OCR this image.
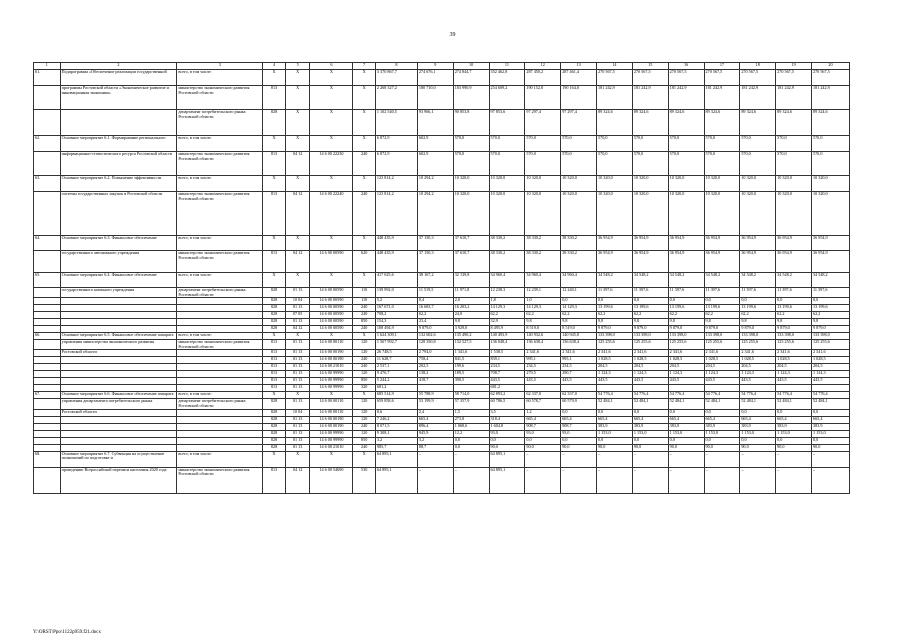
39
1	2	3	4	5	6	7	8	9	10	11	12	13	14	15	16	17	18	19	20
61.	Подпрограмма «Обеспечение реализации государственной	всего, в том числе:	X	X	X	X	3 370 867,7	274 676,1	274 844,7	352 462,8	287 450,2	287 461,4	270 567,5	270 567,5	270 567,5	270 567,5	270 567,5	270 567,5	270 567,5
	программы Ростовской области «Экономическое развитие и инновационная экономика»	министерство экономического развития Ростовской области	813	X	X	X	2 268 327,2	180 710,0	183 990,9	254 609,2	190 152,8	190 164,0	181 242,9	181 242,9	181 242,9	181 242,9	181 242,9	181 242,9	181 242,9
		департамент потребительского рынка Ростовской области	828	X	X	X	1 102 540,5	93 966,1	90 853,8	97 853,6	97 297,4	97 297,4	89 324,6	89 324,6	89 324,6	89 324,6	89 324,6	89 324,6	89 324,6
62.	Основное мероприятие 6.1. Формирование регионального	всего, в том числе:	X	X	X	X	6 872,9	602,9	570,0	570,0	570,0	570,0	570,0	570,0	570,0	570,0	570,0	570,0	570,0
	информационно-статистического ресурса Ростовской области	министерство экономического развития Ростовской области	813	04 12	14 6 00 22230	240	6 872,9	602,9	570,0	570,0	570,0	570,0	570,0	570,0	570,0	570,0	570,0	570,0	570,0
63.	Основное мероприятие 6.2. Повышение эффективности	всего, в том числе:	X	X	X	X	123 814,2	10 294,2	10 320,0	10 320,0	10 320,0	10 320,0	10 320,0	10 320,0	10 320,0	10 320,0	10 320,0	10 320,0	10 320,0
	системы государственных закупок в Ростовской области	министерство экономического развития Ростовской области	813	04 12	14 6 00 22240	240	123 814,2	10 294,2	10 320,0	10 320,0	10 320,0	10 320,0	10 320,0	10 320,0	10 320,0	10 320,0	10 320,0	10 320,0	10 320,0
64.	Основное мероприятие 6.3. Финансовое обеспечение	всего, в том числе:	X	X	X	X	448 435,9	37 150,3	37 610,7	38 330,2	38 330,2	38 330,2	36 954,9	36 954,9	36 954,9	36 954,9	36 954,9	36 954,9	36 954,9
	государственного автономного учреждения	министерство экономического развития Ростовской области	813	04 12	14 6 00 00590	620	448 435,9	37 150,3	37 610,7	38 330,2	38 330,2	38 330,2	36 954,9	36 954,9	36 954,9	36 954,9	36 954,9	36 954,9	36 954,9
65.	Основное мероприятие 6.4. Финансовое обеспечение	всего, в том числе:	X	X	X	X	417 025,6	38 167,2	32 139,8	34 960,4	34 960,4	34 960,4	34 548,2	34 548,2	34 548,2	34 548,2	34 548,2	34 548,2	34 548,2
	государственного казенного учреждения	департамент потребительского рынка Ростовской области	828	01 13	14 6 00 00590	110	139 992,0	11 519,5	11 971,8	12 238,3	12 239,1	12 240,1	11 397,6	11 397,6	11 397,6	11 397,6	11 397,6	11 397,6	11 397,6
			828	10 04	14 6 00 00590	110	5,2	0,4	2,0	1,8	1,0	0,0	0,0	0,0	0,0	0,0	0,0	0,0	0,0
			828	01 13	14 6 00 00590	240	167 671,0	16 683,7	16 203,2	14 129,3	14 129,3	14 129,3	13 199,6	13 199,6	13 199,6	13 199,6	13 199,6	13 199,6	13 199,6
			828	07 05	14 6 00 00590	240	708,2	62,2	24,0	62,2	62,2	62,2	62,2	62,2	62,2	62,2	62,2	62,2	62,2
			828	01 13	14 6 00 00590	850	154,3	23,4	9,8	32,9	9,8	9,8	9,8	9,8	9,8	9,8	9,8	9,8	9,8
			828	04 12	14 6 00 00590	240	108 494,9	9 879,0	3 929,0	8 495,9	8 519,0	8 519,0	9 879,0	9 879,0	9 879,0	9 879,0	9 879,0	9 879,0	9 879,0
66.	Основное мероприятие 6.5. Финансовое обеспечение аппарата	всего, в том числе:	X	X	X	X	1 624 309,1	132 602,6	135 490,2	140 493,9	140 932,6	140 945,8	133 398,0	133 398,0	133 398,0	133 398,0	133 398,0	133 398,0	133 398,0
	управления министерства экономического развития	министерство экономического развития Ростовской области	813	01 13	14 6 00 00110	120	1 567 992,7	128 350,8	132 527,5	136 048,4	136 638,4	136 638,4	125 255,6	125 255,6	125 255,6	125 255,6	125 255,6	125 255,6	125 255,6
	Ростовской области		813	01 13	14 6 00 00190	120	26 748,5	2 794,0	1 341,6	1 538,5	2 341,6	2 341,6	2 341,6	2 341,6	2 341,6	2 341,6	2 341,6	2 341,6	2 341,6
			813	01 13	14 6 00 00190	240	11 628,7	758,4	841,5	839,1	995,1	995,1	1 028,5	1 028,5	1 028,5	1 028,5	1 028,5	1 028,5	1 028,5
			813	01 13	14 6 00 21010	240	2 537,1	202,5	199,6	234,5	234,5	234,5	204,5	204,5	204,5	204,5	204,5	204,5	204,5
			813	01 13	14 6 00 99990	120	9 476,7	138,2	189,5	708,7	279,5	290,7	1 124,3	1 124,3	1 124,3	1 124,3	1 124,3	1 124,3	1 124,3
			813	01 13	14 6 00 99990	850	5 244,2	418,7	390,5	443,5	443,5	443,5	443,5	443,5	443,5	443,5	443,5	443,5	443,5
			813	01 13	14 6 00 99990	320	681,2			681,2									
67.	Основное мероприятие 6.6. Финансовое обеспечение аппарата	всего, в том числе:	X	X	X	X	685 514,9	55 788,9	58 714,0	62 893,2	62 337,0	62 337,0	54 776,4	54 776,4	54 776,4	54 776,4	54 776,4	54 776,4	54 776,4
	управления департамента потребительского рынка	департамент потребительского рынка Ростовской области	828	01 13	14 6 00 00110	120	659 858,6	53 199,9	57 357,9	60 786,5	60 578,7	60 579,9	52 484,1	52 484,1	52 484,1	52 484,1	52 484,1	52 484,1	52 484,1
	Ростовской области		828	10 04	14 6 00 00110	120	8,6	2,4	1,5	3,5	1,2	0,0	0,0	0,0	0,0	0,0	0,0	0,0	0,0
			828	01 13	14 6 00 00190	120	7 246,2	665,4	273,8	318,4	665,4	665,4	665,4	665,4	665,4	665,4	665,4	665,4	665,4
			828	01 13	14 6 00 00190	240	8 071,5	896,4	1 068,6	1 604,8	908,7	908,7	383,9	383,9	383,9	383,9	383,9	383,9	383,9
			828	01 13	14 6 00 99990	120	9 308,1	945,9	12,2	93,0	93,0	93,0	1 153,0	1 153,0	1 153,0	1 153,0	1 153,0	1 153,0	1 153,0
			828	01 13	14 6 00 99990	850	3,2	3,2	0,0	0,0	0,0	0,0	0,0	0,0	0,0	0,0	0,0	0,0	0,0
			828	01 13	14 6 00 21010	240	985,7	88,7	0,0	90,0	90,0	90,0	90,0	90,0	90,0	90,0	90,0	90,0	90,0
68.	Основное мероприятие 6.7. Субвенция на осуществление полномочий по подготовке и	всего, в том числе:	X	X	X	X	64 895,1	–	–	64 895,1	–	–	–	–	–	–	–	–	–
	проведению Всероссийской переписи населения 2020 года	министерство экономического развития Ростовской области	813	04 12	14 6 00 54690	530	64 895,1	–	–	64 895,1	–	–	–	–	–	–	–	–	–
Y:\ORST\Ppo\1122p959.f21.docx
